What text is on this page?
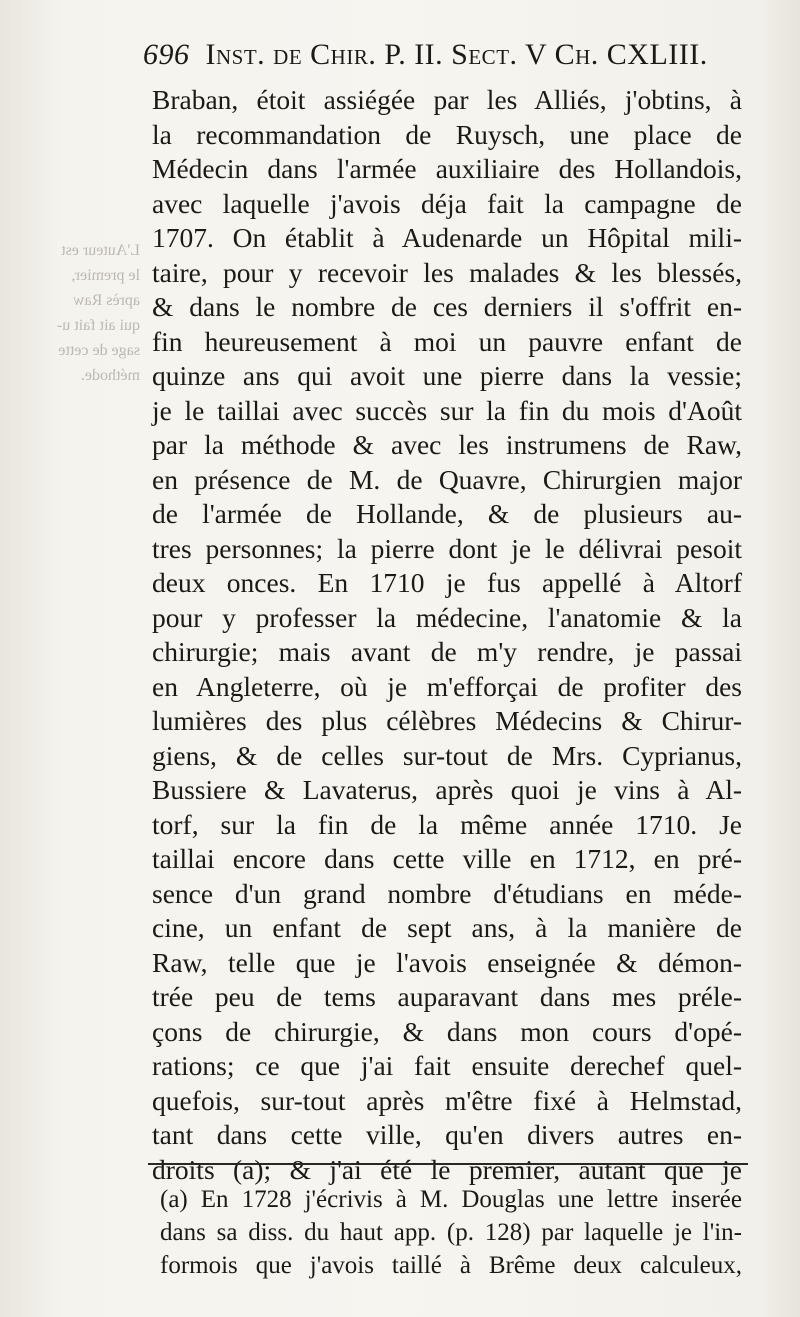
L'Auteur est
le premier,
après Raw
qui ait fait u-
sage de cette
méthode.
696 Inst. de Chir. P. II. Sect. V Ch. CXLIII.
Braban, étoit assiégée par les Alliés, j'obtins, à
la recommandation de Ruysch, une place de
Médecin dans l'armée auxiliaire des Hollandois,
avec laquelle j'avois déja fait la campagne de
1707. On établit à Audenarde un Hôpital mili-
taire, pour y recevoir les malades & les blessés,
& dans le nombre de ces derniers il s'offrit en-
fin heureusement à moi un pauvre enfant de
quinze ans qui avoit une pierre dans la vessie;
je le taillai avec succès sur la fin du mois d'Août
par la méthode & avec les instrumens de Raw,
en présence de M. de Quavre, Chirurgien major
de l'armée de Hollande, & de plusieurs au-
tres personnes; la pierre dont je le délivrai pesoit
deux onces. En 1710 je fus appellé à Altorf
pour y professer la médecine, l'anatomie & la
chirurgie; mais avant de m'y rendre, je passai
en Angleterre, où je m'efforçai de profiter des
lumières des plus célèbres Médecins & Chirur-
giens, & de celles sur-tout de Mrs. Cyprianus,
Bussiere & Lavaterus, après quoi je vins à Al-
torf, sur la fin de la même année 1710. Je
taillai encore dans cette ville en 1712, en pré-
sence d'un grand nombre d'étudians en méde-
cine, un enfant de sept ans, à la manière de
Raw, telle que je l'avois enseignée & démon-
trée peu de tems auparavant dans mes préle-
çons de chirurgie, & dans mon cours d'opé-
rations; ce que j'ai fait ensuite derechef quel-
quefois, sur-tout après m'être fixé à Helmstad,
tant dans cette ville, qu'en divers autres en-
droits (a); & j'ai été le premier, autant que je
(a) En 1728 j'écrivis à M. Douglas une lettre inserée
dans sa diss. du haut app. (p. 128) par laquelle je l'in-
formois que j'avois taillé à Brême deux calculeux,
